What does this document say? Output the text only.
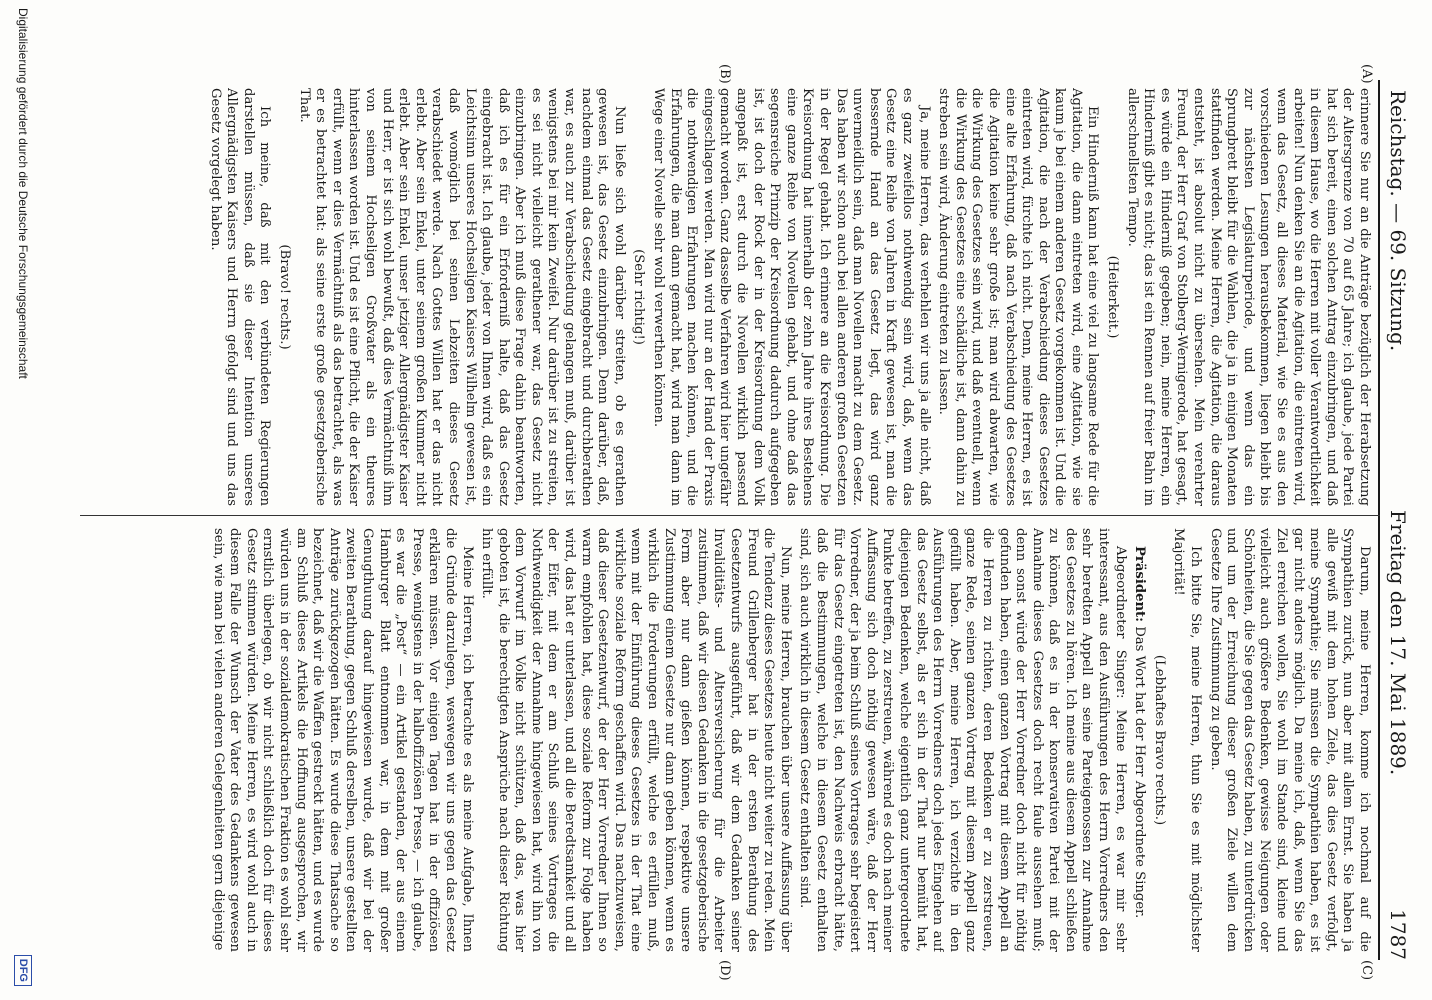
Reichstag. — 69. Sitzung.
Freitag den 17. Mai 1889.
1787
(A)
(B)
(C)
(D)

erinnere Sie nur an die Anträge bezüglich der Herabsetzung der Altersgrenze von 70 auf 65 Jahre; ich glaube, jede Partei hat sich bereit, einen solchen Antrag einzubringen, und daß in diesem Hause, wo die Herren mit voller Verantwortlichkeit arbeiten! Nun denken Sie an die Agitation, die eintreten wird, wenn das Gesetz, all dieses Material, wie Sie es aus den vorschiedenen Lesungen herausbekommen, liegen bleibt bis zur nächsten Legislaturperiode, und wenn das ein Sprungbrett bleibt für die Wahlen, die ja in einigen Monaten stattfinden werden. Meine Herren, die Agitation, die daraus entsteht, ist absolut nicht zu übersehen. Mein verehrter Freund, der Herr Graf von Stolberg-Wernigerode, hat gesagt, es würde ein Hinderniß gegeben; nein, meine Herren, ein Hinderniß gibt es nicht; das ist ein Rennen auf freier Bahn im allerschnellsten Tempo.

(Heiterkeit.)

Ein Hinderniß kann hat eine viel zu langsame Rede für die Agitation, die dann eintreten wird, eine Agitation, wie sie kaum je bei einem anderen Gesetz vorgekommen ist. Und die Agitation, die nach der Verabschiedung dieses Gesetzes eintreten wird, fürchte ich nicht. Denn, meine Herren, es ist eine alte Erfahrung, daß nach Verabschiedung des Gesetzes die Agitation keine sehr große ist; man wird abwarten, wie die Wirkung des Gesetzes sein wird, und daß eventuell, wenn die Wirkung des Gesetzes eine schädliche ist, dann dahin zu streben sein wird, Änderung eintreten zu lassen.

Ja, meine Herren, das verhehlen wir uns ja alle nicht, daß es ganz zweifellos nothwendig sein wird, daß, wenn das Gesetz eine Reihe von Jahren in Kraft gewesen ist, man die bessernde Hand an das Gesetz legt, das wird ganz unvermeidlich sein, daß man Novellen macht zu dem Gesetz. Das haben wir schon auch bei allen anderen großen Gesetzen in der Regel gehabt. Ich erinnere an die Kreisordnung. Die Kreisordnung hat innerhalb der zehn Jahre ihres Bestehens eine ganze Reihe von Novellen gehabt, und ohne daß das segensreiche Prinzip der Kreisordnung dadurch aufgegeben ist, ist doch der Rock der in der Kreisordnung dem Volk angepaßt ist, erst durch die Novellen wirklich passend gemacht worden. Ganz dasselbe Verfahren wird hier ungefähr eingeschlagen werden. Man wird nur an der Hand der Praxis die nothwendigen Erfahrungen machen können, und die Erfahrungen, die man dann gemacht hat, wird man dann im Wege einer Novelle sehr wohl verwerthen können.

(Sehr richtig!)

Nun ließe sich wohl darüber streiten, ob es gerathen gewesen ist, das Gesetz einzubringen. Denn darüber, daß, nachdem einmal das Gesetz eingebracht und durchberathen war, es auch zur Verabschiedung gelangen muß, darüber ist wenigstens bei mir kein Zweifel. Nur darüber ist zu streiten, es sei nicht vielleicht gerathener war, das Gesetz nicht einzubringen. Aber ich muß diese Frage dahin beantworten, daß ich es für ein Erforderniß halte, daß das Gesetz eingebracht ist. Ich glaube, jeder von Ihnen wird, daß es ein Leichtsinn unseres Hochseligen Kaisers Wilhelm gewesen ist, daß womöglich bei seinen Lebzeiten dieses Gesetz verabschiedet werde. Nach Gottes Willen hat er das nicht erlebt. Aber sein Enkel, unter seinem großen Kummer nicht erlebt. Aber sein Enkel, unser jetziger Allergnädigster Kaiser und Herr, er ist sich wohl bewußt, daß dies Vermächtniß ihm von seinem Hochseligen Großvater als ein theures hinterlassen worden ist. Und es ist eine Pflicht, die der Kaiser erfüllt, wenn er dies Vermächtniß als das betrachtet, als was er es betrachtet hat: als seine erste große gesetzgeberische That.

(Bravo! rechts.)

Ich meine, daß mit den verbündeten Regierungen darstellen müssen, daß sie dieser Intention unseres Allergnädigsten Kaisers und Herrn gefolgt sind und uns das Gesetz vorgelegt haben.

Darum, meine Herren, komme ich nochmal auf die Sympathien zurück, nun aber mit allem Ernst. Sie haben ja alle gewiß mit dem hohen Ziele, das dies Gesetz verfolgt, meine Sympathie; Sie müssen die Sympathien haben, es ist gar nicht anders möglich. Da meine ich, daß, wenn Sie das Ziel erreichen wollen, Sie wohl im Stande sind, kleine und vielleicht auch größere Bedenken, gewisse Neigungen oder Schönheiten, die Sie gegen das Gesetz haben, zu unterdrücken und um der Erreichung dieser großen Ziele willen dem Gesetze Ihre Zustimmung zu geben.

Ich bitte Sie, meine Herren, thun Sie es mit möglichster Majorität!

(Lebhaftes Bravo rechts.)

Präsident: Das Wort hat der Herr Abgeordnete Singer.

Abgeordneter Singer: Meine Herren, es war mir sehr interessant, aus den Ausführungen des Herrn Vorredners den sehr beredten Appell an seine Parteigenossen zur Annahme des Gesetzes zu hören. Ich meine aus diesem Appell schließen zu können, daß es in der konservativen Partei mit der Annahme dieses Gesetzes doch recht faule aussehen muß; denn sonst würde der Herr Vorredner doch nicht für nöthig gefunden haben, einen ganzen Vortrag mit diesem Appell an die Herren zu richten, deren Bedenken er zu zerstreuen, ganze Rede, seinen ganzen Vortrag mit diesem Appell ganz gefüllt haben. Aber, meine Herren, ich verzichte in den Ausführungen des Herrn Vorredners doch jedes Eingehen auf das Gesetz selbst, als er sich in der That nur bemüht hat, diejenigen Bedenken, welche eigentlich ganz untergeordnete Punkte betreffen, zu zerstreuen, während es doch nach meiner Auffassung sich doch nöthig gewesen wäre, daß der Herr Vorredner, der ja beim Schluß seines Vortrages sehr begeistert für das Gesetz eingetreten ist, den Nachweis erbracht hätte, daß die Bestimmungen, welche in diesem Gesetz enthalten sind, sich auch wirklich in diesem Gesetz enthalten sind.

Nun, meine Herren, brauchen über unsere Auffassung über die Tendenz dieses Gesetzes heute nicht weiter zu reden. Mein Freund Grillenberger hat in der ersten Berathung des Gesetzentwurfs ausgeführt, daß wir dem Gedanken seiner Invaliditäts- und Altersversicherung für die Arbeiter zustimmen, daß wir diesen Gedanken in die gesetzgeberische Form aber nur dann gießen können, respektive unsere Zustimmung einem Gesetze nur dann geben können, wenn es wirklich die Forderungen erfüllt, welche es erfüllen muß, wenn mit der Einführung dieses Gesetzes in der That eine wirkliche soziale Reform geschaffen wird. Das nachzuweisen, daß dieser Gesetzentwurf, der der Herr Vorredner Ihnen so warm empfohlen hat, diese soziale Reform zur Folge haben wird, das hat er unterlassen, und all die Beredtsamkeit und all der Eifer, mit dem er am Schluß seines Vortrages die Nothwendigkeit der Annahme hingewiesen hat, wird ihn von dem Vorwurf im Volke nicht schützen, daß das, was hier geboten ist, die berechtigten Ansprüche nach dieser Richtung hin erfüllt.

Meine Herren, ich betrachte es als meine Aufgabe, Ihnen die Gründe darzulegen, weswegen wir uns gegen das Gesetz erklären müssen. Vor einigen Tagen hat in der offiziösen Presse, wenigstens in der halboffiziösen Presse, — ich glaube, es war die „Post“ — ein Artikel gestanden, der aus einem Hamburger Blatt entnommen war, in dem mit großer Genugthuung darauf hingewiesen wurde, daß wir bei der zweiten Berathung, gegen Schluß derselben, unsere gestellten Anträge zurückgezogen hätten. Es wurde diese Thatsache so bezeichnet, daß wir die Waffen gestreckt hätten, und es wurde am Schluß dieses Artikels die Hoffnung ausgesprochen, wir würden uns in der sozialdemokratischen Fraktion es wohl sehr ernstlich überlegen, ob wir nicht schließlich doch für dieses Gesetz stimmen würden. Meine Herren, es wird wohl auch in diesem Falle der Wunsch der Vater des Gedankens gewesen sein, wie man bei vielen anderen Gelegenheiten gern diejenige

Digitalisierung gefördert durch die Deutsche Forschungsgemeinschaft
DFG
